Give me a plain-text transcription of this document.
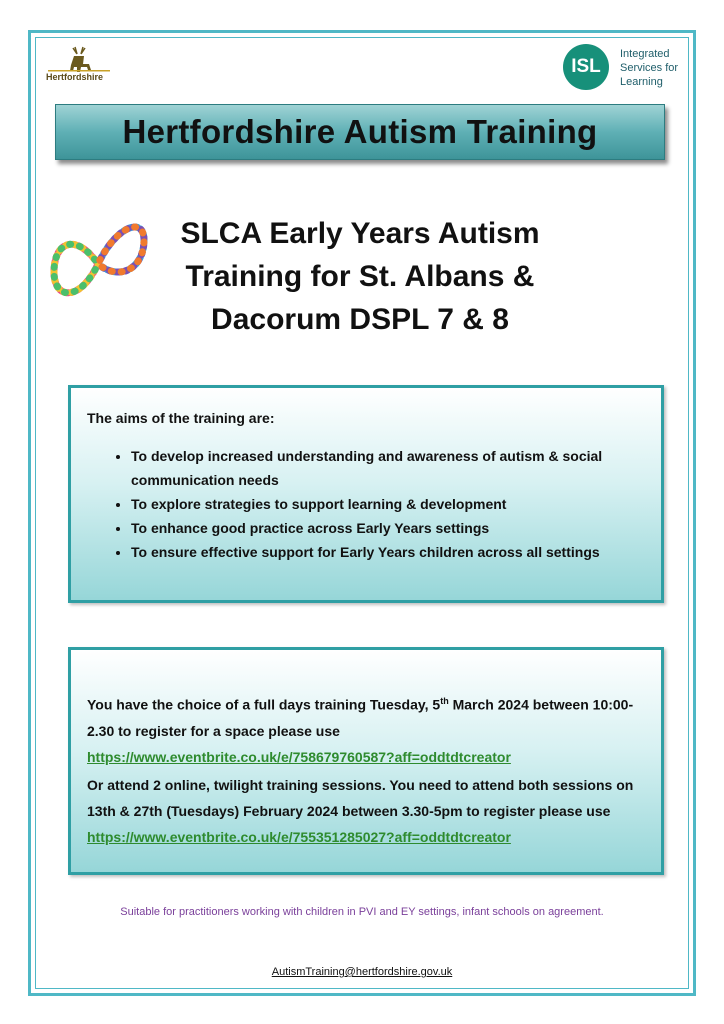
Hertfordshire	ISL
Integrated
Services for
Learning
Hertfordshire Autism Training
SLCA Early Years Autism
Training for St. Albans &
Dacorum DSPL 7 & 8
The aims of the training are:
• To develop increased understanding and awareness of autism & social communication needs
• To explore strategies to support learning & development
• To enhance good practice across Early Years settings
• To ensure effective support for Early Years children across all settings

You have the choice of a full days training Tuesday, 5th March 2024 between 10:00-2.30 to register for a space please use
https://www.eventbrite.co.uk/e/758679760587?aff=oddtdtcreator

Or attend 2 online, twilight training sessions. You need to attend both sessions on 13th & 27th (Tuesdays) February 2024 between 3.30-5pm to register please use https://www.eventbrite.co.uk/e/755351285027?aff=oddtdtcreator

Suitable for practitioners working with children in PVI and EY settings, infant schools on agreement.
AutismTraining@hertfordshire.gov.uk
